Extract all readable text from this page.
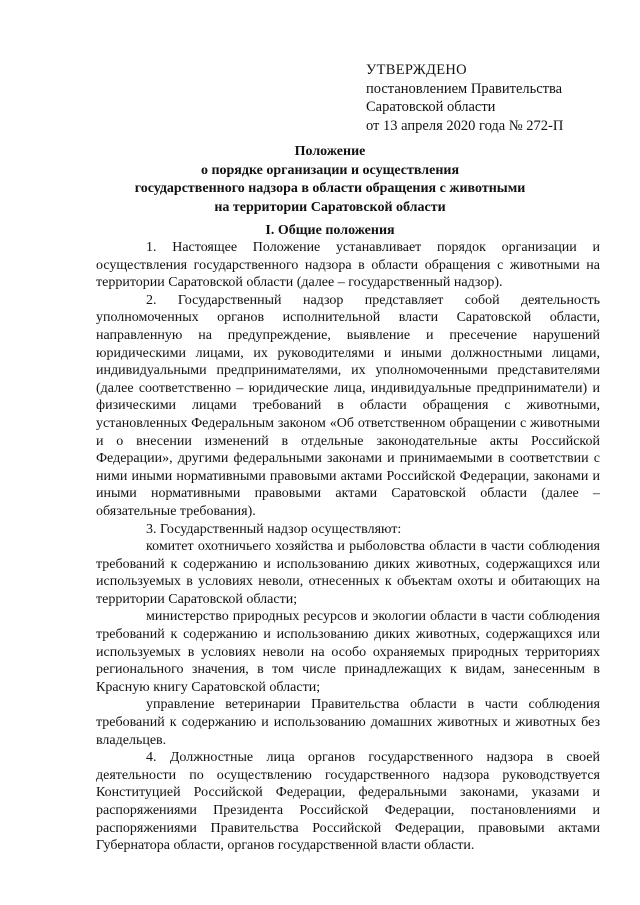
УТВЕРЖДЕНО
постановлением Правительства
Саратовской области
от 13 апреля 2020 года № 272-П
Положение
о порядке организации и осуществления
государственного надзора в области обращения с животными
на территории Саратовской области
I. Общие положения

1. Настоящее Положение устанавливает порядок организации и осуществления государственного надзора в области обращения с животными на территории Саратовской области (далее – государственный надзор).

2. Государственный надзор представляет собой деятельность уполномоченных органов исполнительной власти Саратовской области, направленную на предупреждение, выявление и пресечение нарушений юридическими лицами, их руководителями и иными должностными лицами, индивидуальными предпринимателями, их уполномоченными представителями (далее соответственно – юридические лица, индивидуальные предприниматели) и физическими лицами требований в области обращения с животными, установленных Федеральным законом «Об ответственном обращении с животными и о внесении изменений в отдельные законодательные акты Российской Федерации», другими федеральными законами и принимаемыми в соответствии с ними иными нормативными правовыми актами Российской Федерации, законами и иными нормативными правовыми актами Саратовской области (далее – обязательные требования).

3. Государственный надзор осуществляют:

комитет охотничьего хозяйства и рыболовства области в части соблюдения требований к содержанию и использованию диких животных, содержащихся или используемых в условиях неволи, отнесенных к объектам охоты и обитающих на территории Саратовской области;

министерство природных ресурсов и экологии области в части соблюдения требований к содержанию и использованию диких животных, содержащихся или используемых в условиях неволи на особо охраняемых природных территориях регионального значения, в том числе принадлежащих к видам, занесенным в Красную книгу Саратовской области;

управление ветеринарии Правительства области в части соблюдения требований к содержанию и использованию домашних животных и животных без владельцев.

4. Должностные лица органов государственного надзора в своей деятельности по осуществлению государственного надзора руководствуется Конституцией Российской Федерации, федеральными законами, указами и распоряжениями Президента Российской Федерации, постановлениями и распоряжениями Правительства Российской Федерации, правовыми актами Губернатора области, органов государственной власти области.
